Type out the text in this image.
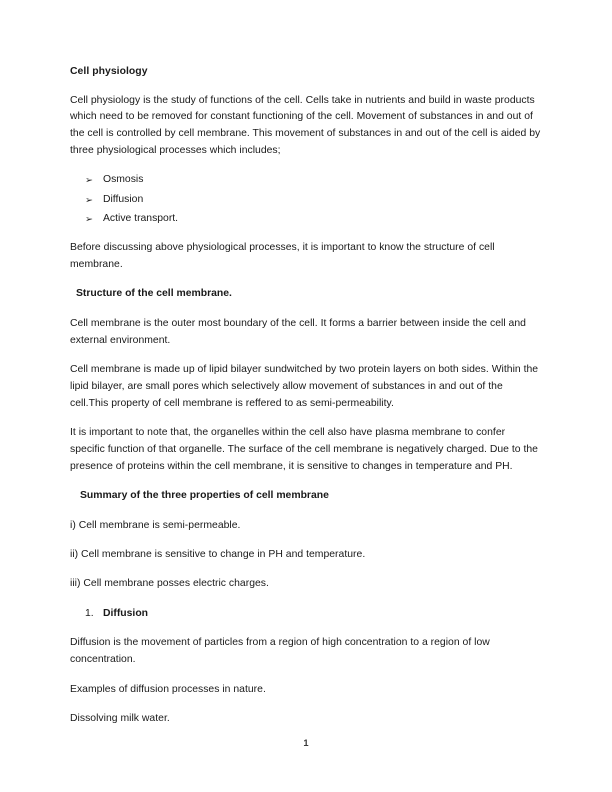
Cell physiology

Cell physiology is the study of functions of the cell. Cells take in nutrients and build in waste products which need to be removed for constant functioning of the cell. Movement of substances in and out of the cell is controlled by cell membrane. This movement of substances in and out of the cell is aided by three physiological processes which includes;

➢ Osmosis
➢ Diffusion
➢ Active transport.

Before discussing above physiological processes, it is important to know the structure of cell membrane.

Structure of the cell membrane.

Cell membrane is the outer most boundary of the cell. It forms a barrier between inside the cell and external environment.

Cell membrane is made up of lipid bilayer sundwitched by two protein layers on both sides. Within the lipid bilayer, are small pores which selectively allow movement of substances in and out of the cell.This property of cell membrane is reffered to as semi-permeability.

It is important to note that, the organelles within the cell also have plasma membrane to confer specific function of that organelle. The surface of the cell membrane is negatively charged. Due to the presence of proteins within the cell membrane, it is sensitive to changes in temperature and PH.

Summary of the three properties of cell membrane

i) Cell membrane is semi-permeable.

ii) Cell membrane is sensitive to change in PH and temperature.

iii) Cell membrane posses electric charges.

1. Diffusion

Diffusion is the movement of particles from a region of high concentration to a region of low concentration.

Examples of diffusion processes in nature.

Dissolving milk water.

1
